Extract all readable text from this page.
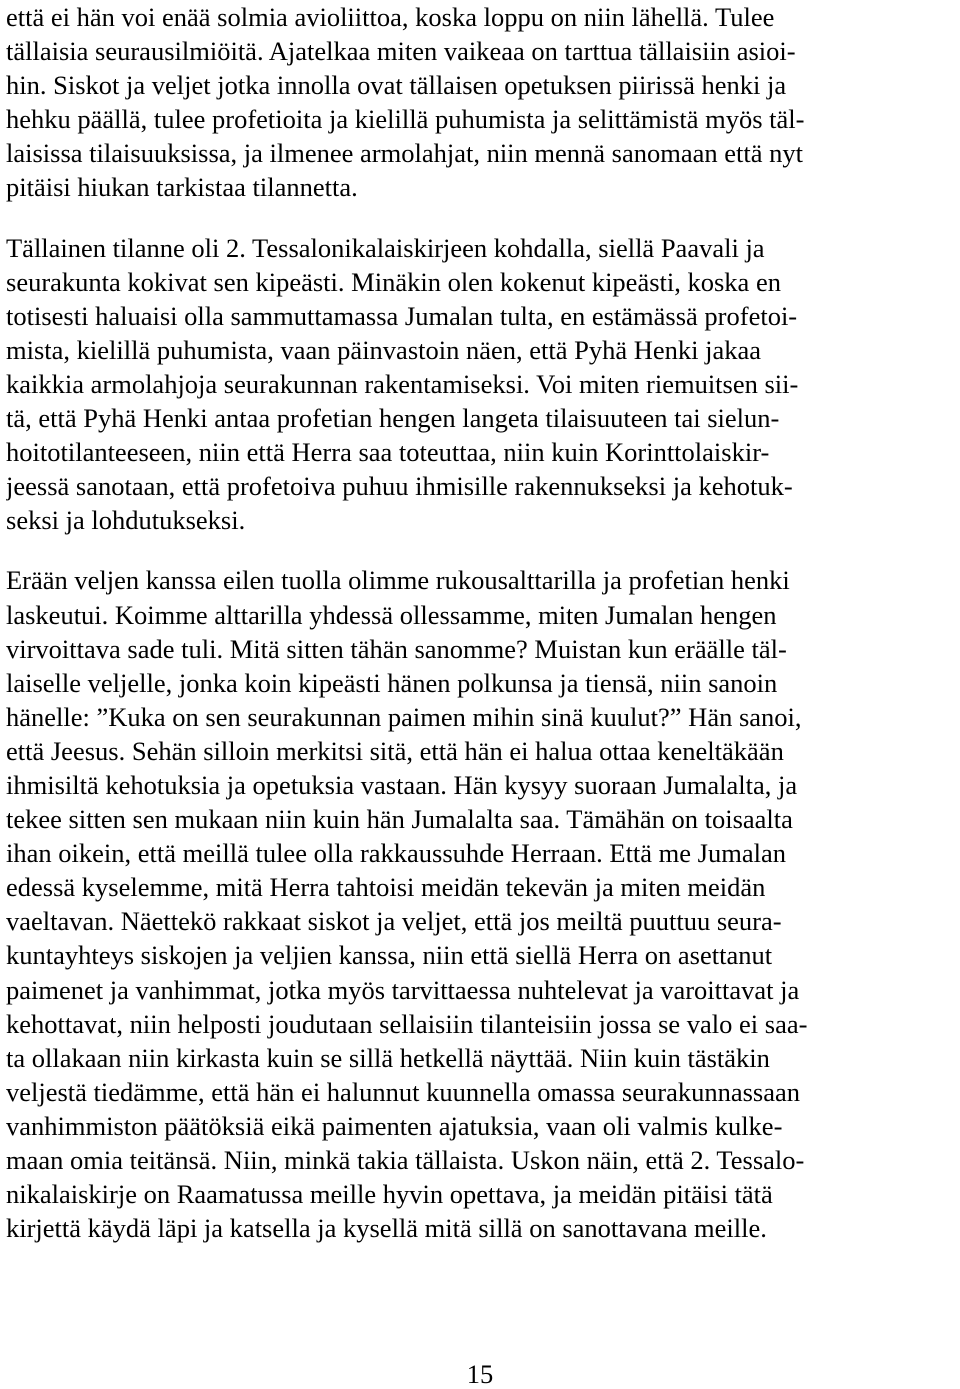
että ei hän voi enää solmia avioliittoa, koska loppu on niin lähellä. Tulee
tällaisia seurausilmiöitä. Ajatelkaa miten vaikeaa on tarttua tällaisiin asioi-
hin. Siskot ja veljet jotka innolla ovat tällaisen opetuksen piirissä henki ja
hehku päällä, tulee profetioita ja kielillä puhumista ja selittämistä myös täl-
laisissa tilaisuuksissa, ja ilmenee armolahjat, niin mennä sanomaan että nyt
pitäisi hiukan tarkistaa tilannetta.
Tällainen tilanne oli 2. Tessalonikalaiskirjeen kohdalla, siellä Paavali ja
seurakunta kokivat sen kipeästi. Minäkin olen kokenut kipeästi, koska en
totisesti haluaisi olla sammuttamassa Jumalan tulta, en estämässä profetoi-
mista, kielillä puhumista, vaan päinvastoin näen, että Pyhä Henki jakaa
kaikkia armolahjoja seurakunnan rakentamiseksi. Voi miten riemuitsen sii-
tä, että Pyhä Henki antaa profetian hengen langeta tilaisuuteen tai sielun-
hoitotilanteeseen, niin että Herra saa toteuttaa, niin kuin Korinttolaiskir-
jeessä sanotaan, että profetoiva puhuu ihmisille rakennukseksi ja kehotuk-
seksi ja lohdutukseksi.
Erään veljen kanssa eilen tuolla olimme rukousalttarilla ja profetian henki
laskeutui. Koimme alttarilla yhdessä ollessamme, miten Jumalan hengen
virvoittava sade tuli. Mitä sitten tähän sanomme? Muistan kun eräälle täl-
laiselle veljelle, jonka koin kipeästi hänen polkunsa ja tiensä, niin sanoin
hänelle: ”Kuka on sen seurakunnan paimen mihin sinä kuulut?” Hän sanoi,
että Jeesus. Sehän silloin merkitsi sitä, että hän ei halua ottaa keneltäkään
ihmisiltä kehotuksia ja opetuksia vastaan. Hän kysyy suoraan Jumalalta, ja
tekee sitten sen mukaan niin kuin hän Jumalalta saa. Tämähän on toisaalta
ihan oikein, että meillä tulee olla rakkaussuhde Herraan. Että me Jumalan
edessä kyselemme, mitä Herra tahtoisi meidän tekevän ja miten meidän
vaeltavan. Näettekö rakkaat siskot ja veljet, että jos meiltä puuttuu seura-
kuntayhteys siskojen ja veljien kanssa, niin että siellä Herra on asettanut
paimenet ja vanhimmat, jotka myös tarvittaessa nuhtelevat ja varoittavat ja
kehottavat, niin helposti joudutaan sellaisiin tilanteisiin jossa se valo ei saa-
ta ollakaan niin kirkasta kuin se sillä hetkellä näyttää. Niin kuin tästäkin
veljestä tiedämme, että hän ei halunnut kuunnella omassa seurakunnassaan
vanhimmiston päätöksiä eikä paimenten ajatuksia, vaan oli valmis kulke-
maan omia teitänsä. Niin, minkä takia tällaista. Uskon näin, että 2. Tessalo-
nikalaiskirje on Raamatussa meille hyvin opettava, ja meidän pitäisi tätä
kirjettä käydä läpi ja katsella ja kysellä mitä sillä on sanottavana meille.
15
